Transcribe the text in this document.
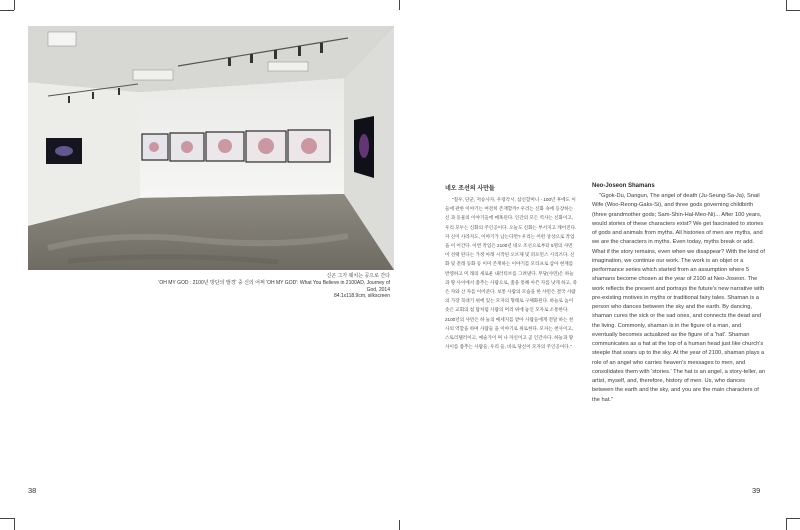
신곤 그가 웨치는 공으로 간다
'OH MY GOD : 2100년 방단의 발경' 중 신의 어쩌 'OH MY GOD': What You Believe in 2100AD, Journey of God, 2014
84.1x118.9cm, silkscreen
38
네오 조선의 사만들
"칠우, 단군, 저승사자, 우렁각시, 삼신할머니 - 100년 후에도 이 들에 관한 이야기는 여전히 존재할까? 우리는 신화 속에 등장하는 신 과 동물의 이야기들에 매혹된다. 인간의 모든 역사는 신화이고, 우리 모두는 신화의 주인공이다. 오늘도 신화는 부서지고 깨어진다. 자 신이 사라져도, 이야기가 남는다면? 우리는 어떤 상상으로 작업을 이 어간다. 이번 작업은 2100년 네오 조선으로부터 5명의 샤먼이 선택 된다는 가정 아래 시작된 오브제 및 퍼포먼스 시리즈다. 신화 및 전래 동화 등 이미 존재하는 이야기를 모티프로 삼아 현재를 반영하고 미 래의 새로운 내러티브를 그려낸다. 무당(샤먼)은 하늘과 땅 사이에서 춤추는 사람으로, 춤을 통해 아픈 자를 낫게 하고, 죽은 자와 산 자를 이어준다. 보통 사람의 모습을 한 샤먼은 결국 사람의 가장 꼭대기 위에 있는 모자의 형태로 구체화된다. 하늘로 높이 솟은 교회의 첨 탑처럼 사람의 머리 위에 놓인 모자로 소통한다. 2100년의 샤먼은 하 늘의 메세지를 받아 사람들에게 전달 하는 천사의 역할을 하며 사람들 을 이야기로 위로한다. 모자는 천사이고, 스토리텔러이고, 예술가이 며 나 자신이고 곧 인간사다. 하늘과 땅 사이를 춤추는 사람들, 우리 들, 바로 당신이 모자의 주인공이다."
Neo-Joseon Shamans
"Ggok-Du, Dangun, The angel of death (Ju-Seung-Sa-Ja), Snail Wife (Woo-Reong-Gaks-Si), and three gods governing childbirth (three grandmother gods; Sam-Shin-Hal-Meo-Ni)... After 100 years, would stories of these characters exist? We get fascinated to stories of gods and animals from myths. All histories of men are myths, and we are the characters in myths. Even today, myths break or add. What if the story remains, even when we disappear? With the kind of imagination, we continue our work. The work is an objet or a performance series which started from an assumption where 5 shamans become chosen at the year of 2100 at Neo-Joseon. The work reflects the present and portrays the future's new narrative with pre-existing motives in myths or traditional fairy tales. Shaman is a person who dances between the sky and the earth. By dancing, shaman cures the sick or the sad ones, and connects the dead and the living. Commonly, shaman is in the figure of a man, and eventually becomes actualized as the figure of a 'hat'. Shaman communicates as a hat at the top of a human head just like church's steeple that soars up to the sky. At the year of 2100, shaman plays a role of an angel who carries heaven's messages to men, and consolidates them with 'stories.' The hat is an angel, a story-teller, an artist, myself, and, therefore, history of men. Us, who dances between the earth and the sky, and you are the main characters of the hat."
39
